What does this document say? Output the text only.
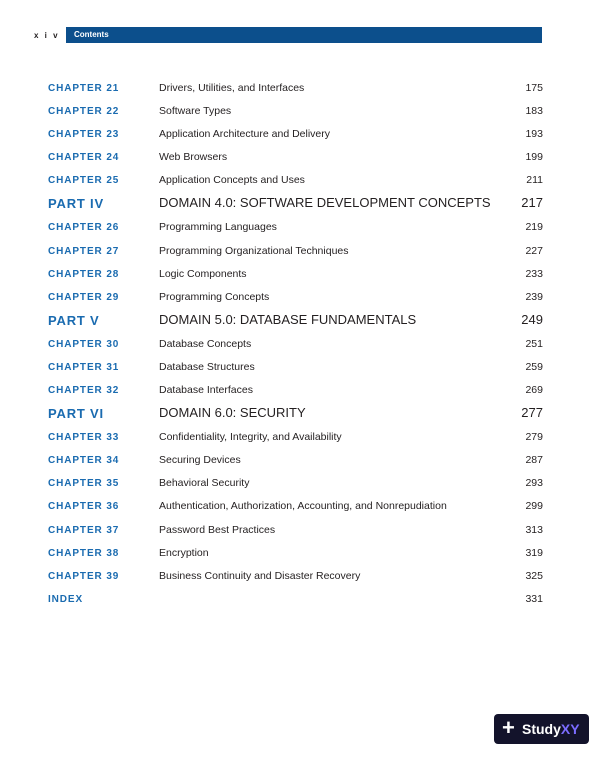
x i v Contents
CHAPTER 21	Drivers, Utilities, and Interfaces	175
CHAPTER 22	Software Types	183
CHAPTER 23	Application Architecture and Delivery	193
CHAPTER 24	Web Browsers	199
CHAPTER 25	Application Concepts and Uses	211
PART IV	DOMAIN 4.0: SOFTWARE DEVELOPMENT CONCEPTS 217
CHAPTER 26	Programming Languages	219
CHAPTER 27	Programming Organizational Techniques	227
CHAPTER 28	Logic Components	233
CHAPTER 29	Programming Concepts	239
PART V	DOMAIN 5.0: DATABASE FUNDAMENTALS	249
CHAPTER 30	Database Concepts	251
CHAPTER 31	Database Structures	259
CHAPTER 32	Database Interfaces	269
PART VI	DOMAIN 6.0: SECURITY	277
CHAPTER 33	Confidentiality, Integrity, and Availability	279
CHAPTER 34	Securing Devices	287
CHAPTER 35	Behavioral Security	293
CHAPTER 36	Authentication, Authorization, Accounting, and Nonrepudiation	299
CHAPTER 37	Password Best Practices	313
CHAPTER 38	Encryption	319
CHAPTER 39	Business Continuity and Disaster Recovery	325
INDEX	331
+ StudyXY
